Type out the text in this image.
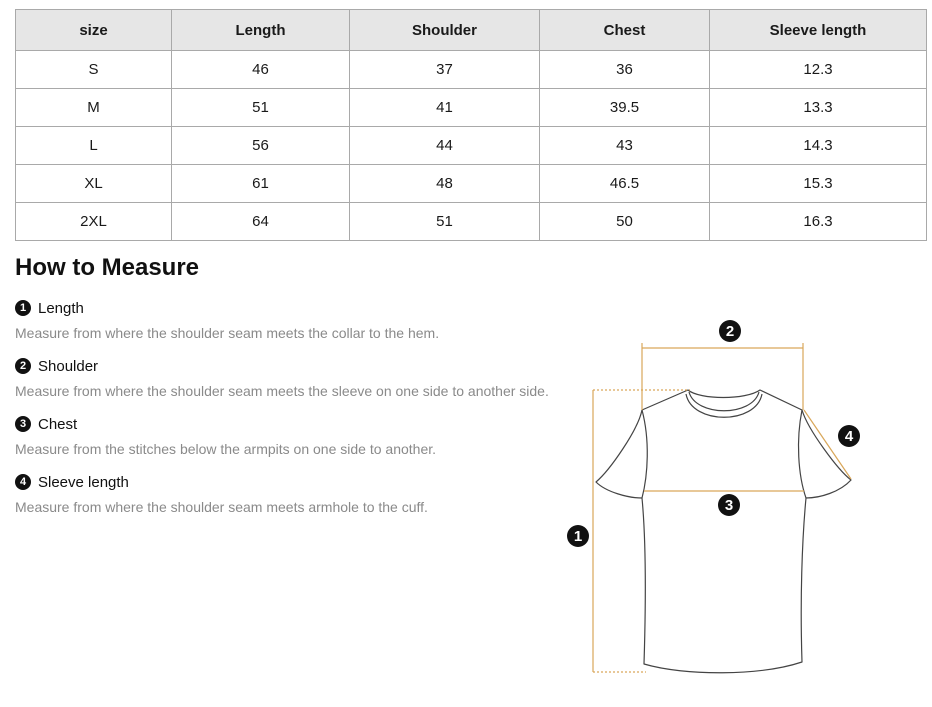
size	Length	Shoulder	Chest	Sleeve length
S	46	37	36	12.3
M	51	41	39.5	13.3
L	56	44	43	14.3
XL	61	48	46.5	15.3
2XL	64	51	50	16.3
How to Measure
1 Length
Measure from where the shoulder seam meets the collar to the hem.
2 Shoulder
Measure from where the shoulder seam meets the sleeve on one side to another side.
3 Chest
Measure from the stitches below the armpits on one side to another.
4 Sleeve length
Measure from where the shoulder seam meets armhole to the cuff.
1
2
3
4
